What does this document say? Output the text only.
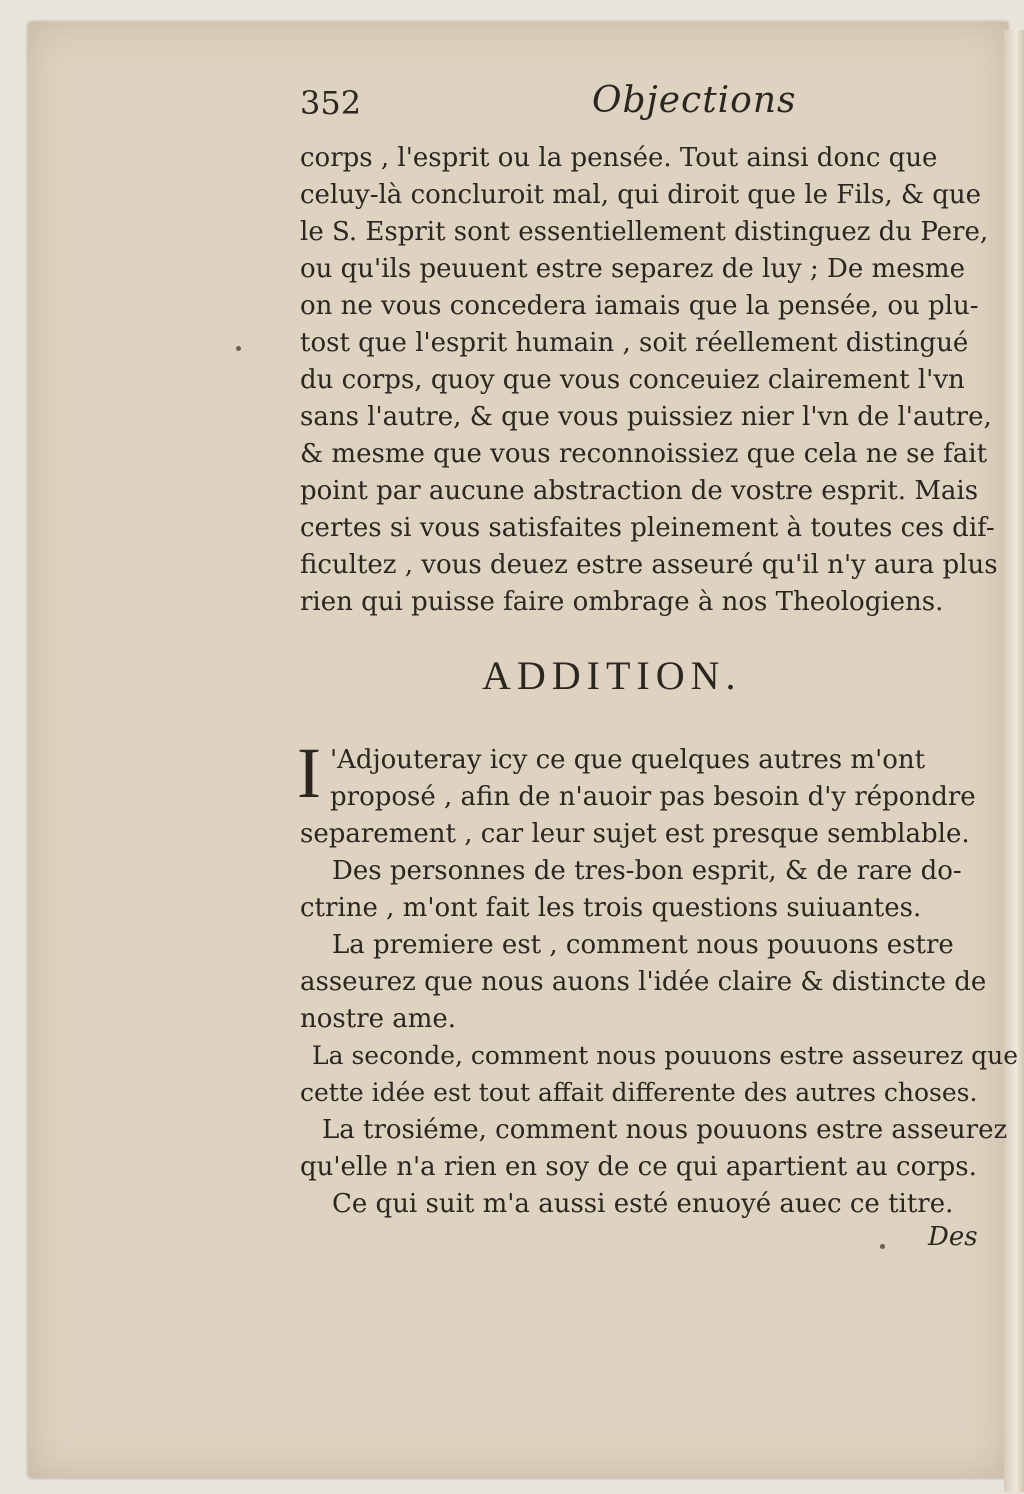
352	Objections
corps , l'esprit ou la pensée. Tout ainsi donc que
celuy-là concluroit mal, qui diroit que le Fils, & que
le S. Esprit sont essentiellement distinguez du Pere,
ou qu'ils peuuent estre separez de luy ; De mesme
on ne vous concedera iamais que la pensée, ou plu-
tost que l'esprit humain , soit réellement distingué
du corps, quoy que vous conceuiez clairement l'vn
sans l'autre, & que vous puissiez nier l'vn de l'autre,
& mesme que vous reconnoissiez que cela ne se fait
point par aucune abstraction de vostre esprit. Mais
certes si vous satisfaites pleinement à toutes ces dif-
ficultez , vous deuez estre asseuré qu'il n'y aura plus
rien qui puisse faire ombrage à nos Theologiens.
ADDITION.
I 'Adjouteray icy ce que quelques autres m'ont
proposé , afin de n'auoir pas besoin d'y répondre
separement , car leur sujet est presque semblable.
Des personnes de tres-bon esprit, & de rare do-
ctrine , m'ont fait les trois questions suiuantes.
La premiere est , comment nous pouuons estre
asseurez que nous auons l'idée claire & distincte de
nostre ame.
La seconde, comment nous pouuons estre asseurez que
cette idée est tout affait differente des autres choses.
La trosiéme, comment nous pouuons estre asseurez
qu'elle n'a rien en soy de ce qui apartient au corps.
Ce qui suit m'a aussi esté enuoyé auec ce titre.
Des
